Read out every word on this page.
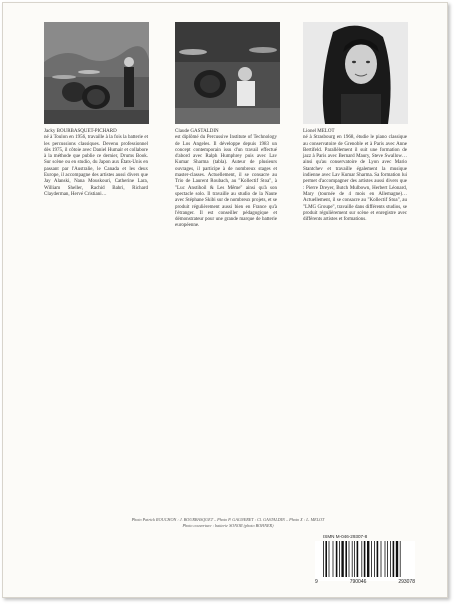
Jacky BOURBASQUET-PICHARD

né à Toulon en 1956, travaille à la fois la batterie et les percussions classiques. Devenu professionnel dès 1975, il côtoie avec Daniel Humair et collabore à la méthode que publie ce dernier, Drums Book. Sur scène ou en studio, du Japon aux États-Unis en passant par l'Australie, le Canada et les deux Europe, il accompagne des artistes aussi divers que Jay Alanski, Nana Mouskouri, Catherine Lara, William Sheller, Rachid Bahri, Richard Clayderman, Hervé Cristiani…

Claude GASTALDIN

est diplômé du Percussive Institute of Technology de Los Angeles. Il développe depuis 1983 un concept contemporain issu d'un travail effectué d'abord avec Ralph Humphrey puis avec Lav Kumar Sharma (tabla). Auteur de plusieurs ouvrages, il participe à de nombreux stages et master-classes. Actuellement, il se consacre au Trio de Laurent Roubach, au "Kollectif Stoa", à "Luc Anstihoil & Les Même" ainsi qu'à son spectacle solo. Il travaille au studio de la Naute avec Stéphane Skibi sur de nombreux projets, et se produit régulièrement aussi bien en France qu'à l'étranger. Il est conseiller pédagogique et démonstrateur pour une grande marque de batterie européenne.

Lionel MELOT

né à Strasbourg en 1968, étudie le piano classique au conservatoire de Grenoble et à Paris avec Anne Bertifeld. Parallèlement il suit une formation de jazz à Paris avec Bernard Maury, Steve Swallow… ainsi qu'au conservatoire de Lyon avec Mario Stantchev et travaille également la musique indienne avec Lav Kumar Sharma. Sa formation lui permet d'accompagner des artistes aussi divers que : Pierre Dreyer, Butch Mulbown, Herbert Léonard, Mary (tournée de 4 mois en Allemagne)… Actuellement, il se consacre au "Kollectif Stoa", au "LMG Groupe", travaille dans différents studios, se produit régulièrement sur scène et enregistre avec différents artistes et formations.

Photo Patrick ROUCHON : J. BOURBASQUET – Photo P. GAGNERET : Cl. GASTALDIN – Photo X : L. MELOT
Photo couverture : batterie SONOR (photo BOHNER)
ISMN M-046-29307-8
9	790046	293078
